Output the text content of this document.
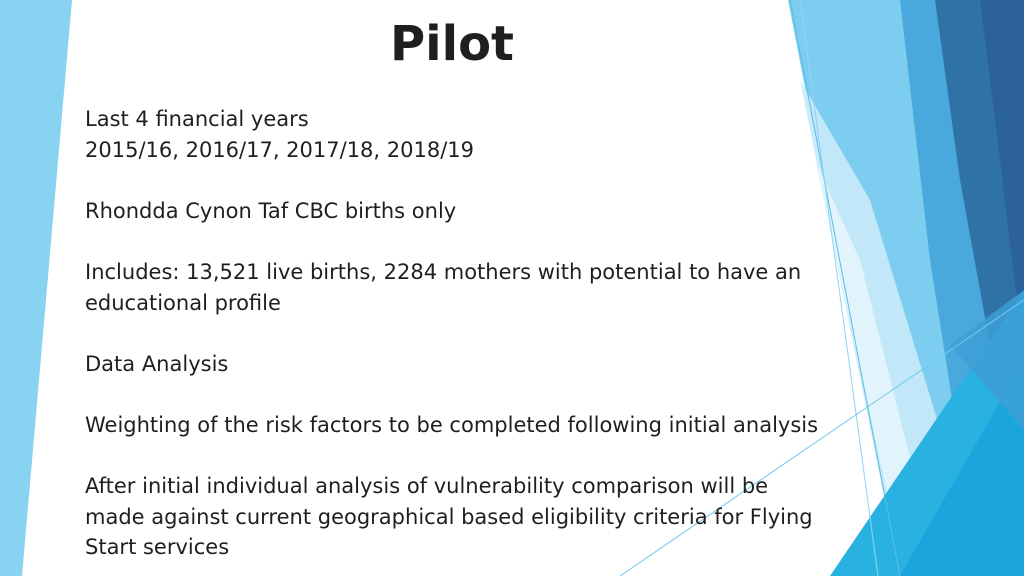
Pilot

Last 4 financial years

2015/16, 2016/17, 2017/18, 2018/19

Rhondda Cynon Taf CBC births only

Includes: 13,521 live births, 2284 mothers with potential to have an

educational profile

Data Analysis

Weighting of the risk factors to be completed following initial analysis

After initial individual analysis of vulnerability comparison will be

made against current geographical based eligibility criteria for Flying

Start services
